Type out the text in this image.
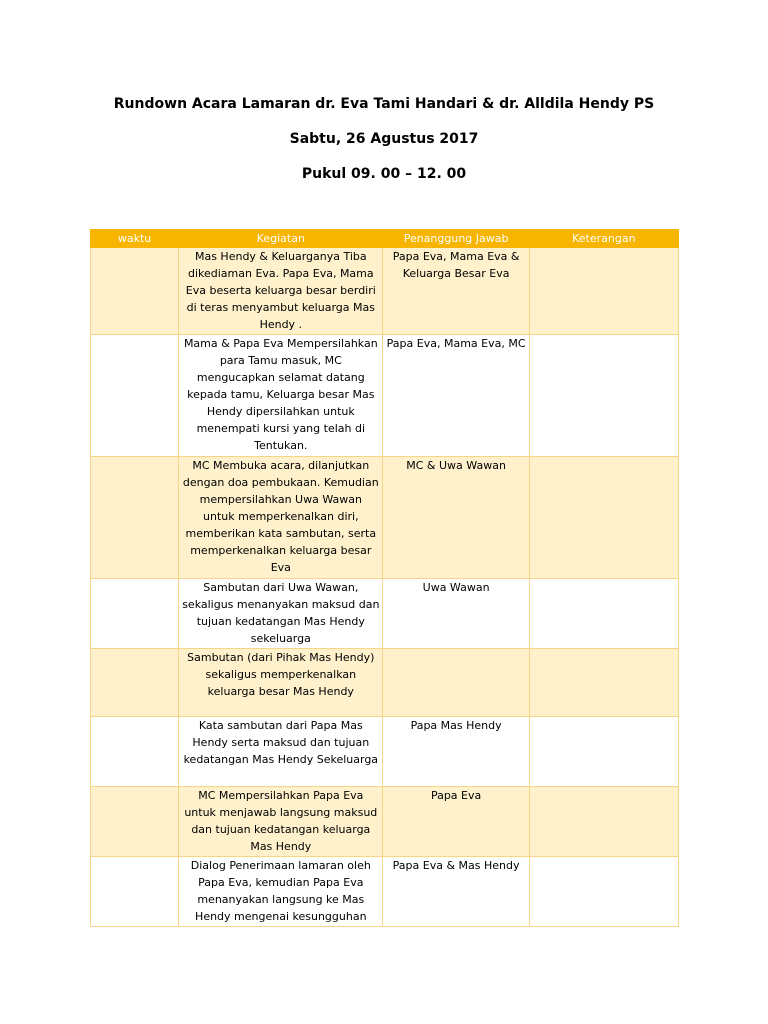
Rundown Acara Lamaran dr. Eva Tami Handari & dr. Alldila Hendy PS
Sabtu, 26 Agustus 2017
Pukul 09. 00 – 12. 00
waktu	Kegiatan	Penanggung Jawab	Keterangan
	Mas Hendy & Keluarganya Tiba dikediaman Eva. Papa Eva, Mama Eva beserta keluarga besar berdiri di teras menyambut keluarga Mas Hendy .	Papa Eva, Mama Eva & Keluarga Besar Eva	
	Mama & Papa Eva Mempersilahkan para Tamu masuk, MC mengucapkan selamat datang kepada tamu, Keluarga besar Mas Hendy dipersilahkan untuk menempati kursi yang telah di Tentukan.	Papa Eva, Mama Eva, MC	
	MC Membuka acara, dilanjutkan dengan doa pembukaan. Kemudian mempersilahkan Uwa Wawan untuk memperkenalkan diri, memberikan kata sambutan, serta memperkenalkan keluarga besar Eva	MC & Uwa Wawan	
	Sambutan dari Uwa Wawan, sekaligus menanyakan maksud dan tujuan kedatangan Mas Hendy sekeluarga	Uwa Wawan	
	Sambutan (dari Pihak Mas Hendy) sekaligus memperkenalkan keluarga besar Mas Hendy		
	Kata sambutan dari Papa Mas Hendy serta maksud dan tujuan kedatangan Mas Hendy Sekeluarga	Papa Mas Hendy	
	MC Mempersilahkan Papa Eva untuk menjawab langsung maksud dan tujuan kedatangan keluarga Mas Hendy	Papa Eva	
	Dialog Penerimaan lamaran oleh Papa Eva, kemudian Papa Eva menanyakan langsung ke Mas Hendy mengenai kesungguhan	Papa Eva & Mas Hendy	
